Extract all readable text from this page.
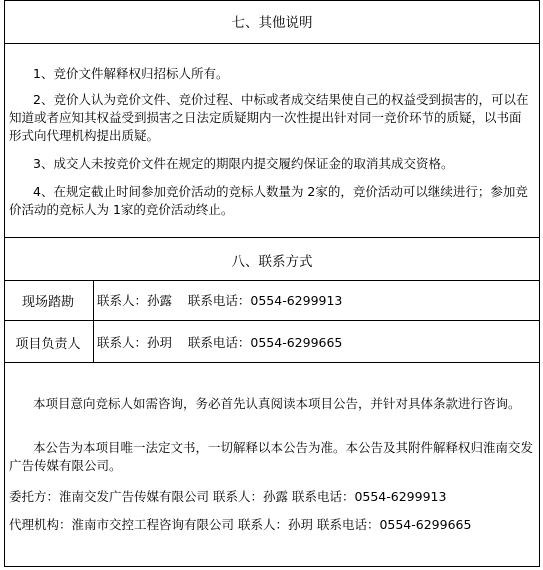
七、其他说明
1、竞价文件解释权归招标人所有。
2、竞价人认为竞价文件、竞价过程、中标或者成交结果使自己的权益受到损害的，可以在知道或者应知其权益受到损害之日法定质疑期内一次性提出针对同一竞价环节的质疑，以书面形式向代理机构提出质疑。
3、成交人未按竞价文件在规定的期限内提交履约保证金的取消其成交资格。
4、在规定截止时间参加竞价活动的竞标人数量为 2家的，竞价活动可以继续进行；参加竞价活动的竞标人为 1家的竞价活动终止。
八、联系方式
现场踏勘	联系人：孙露    联系电话：0554-6299913
项目负责人	联系人：孙玥    联系电话：0554-6299665
本项目意向竞标人如需咨询，务必首先认真阅读本项目公告，并针对具体条款进行咨询。
本公告为本项目唯一法定文书，一切解释以本公告为准。本公告及其附件解释权归淮南交发广告传媒有限公司。
委托方：淮南交发广告传媒有限公司 联系人：孙露 联系电话：0554-6299913
代理机构：淮南市交控工程咨询有限公司 联系人：孙玥 联系电话：0554-6299665
